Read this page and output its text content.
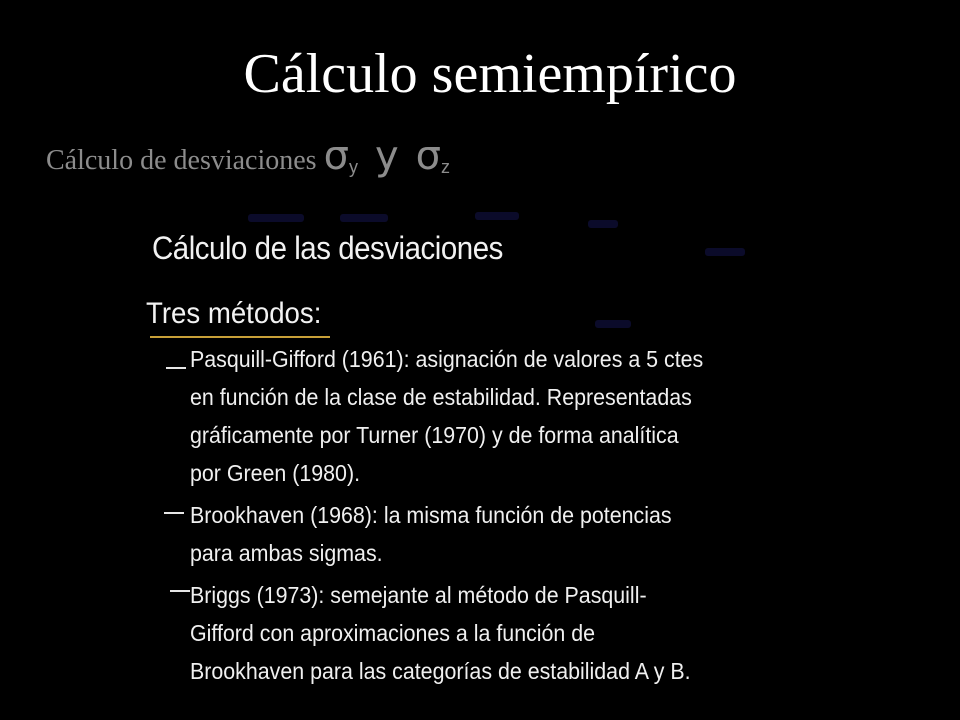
Cálculo semiempírico
Cálculo de desviaciones σy y σz
Cálculo de las desviaciones
Tres métodos:
Pasquill-Gifford (1961): asignación de valores a 5 ctes
en función de la clase de estabilidad. Representadas
gráficamente por Turner (1970) y de forma analítica
por Green (1980).
Brookhaven (1968): la misma función de potencias
para ambas sigmas.
Briggs (1973): semejante al método de Pasquill-
Gifford con aproximaciones a la función de
Brookhaven para las categorías de estabilidad A y B.
